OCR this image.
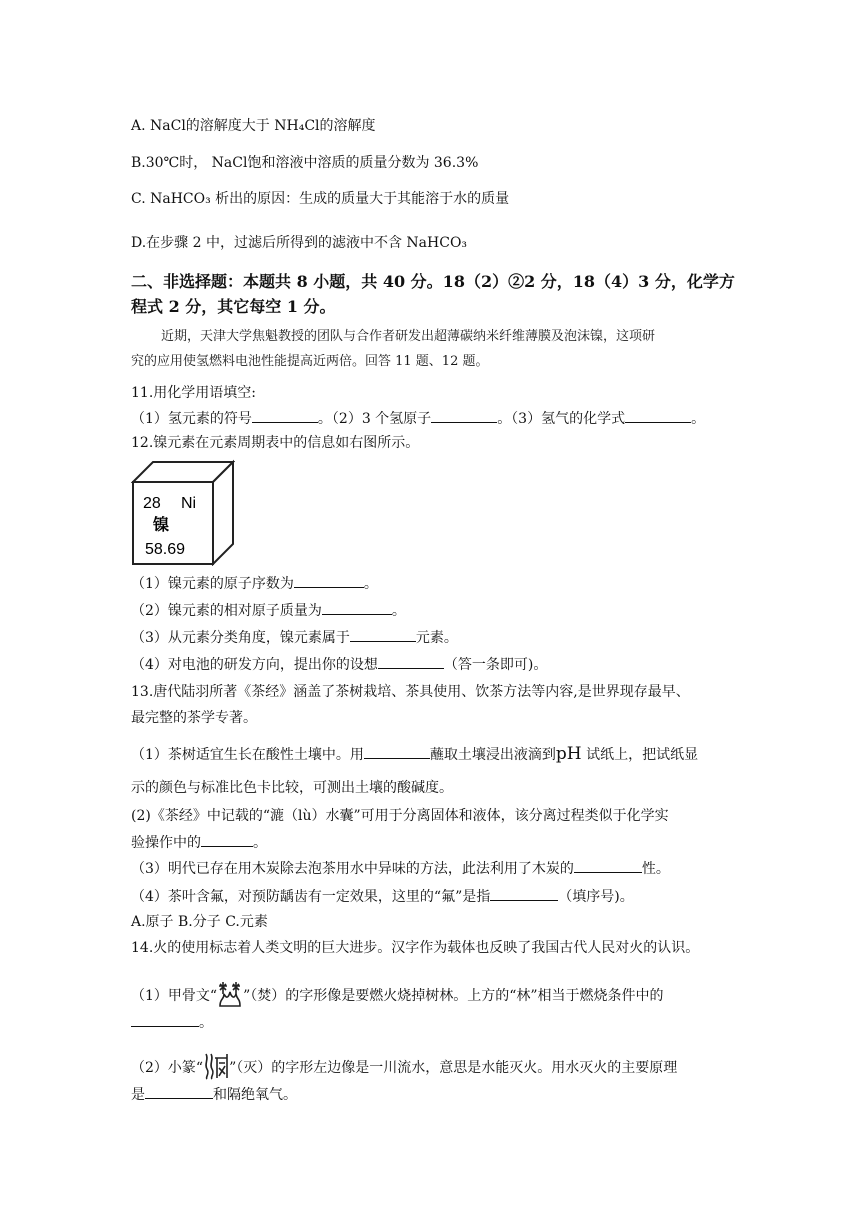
A. NaCl的溶解度大于 NH₄Cl的溶解度
B.30℃时， NaCl饱和溶液中溶质的质量分数为 36.3%
C. NaHCO₃ 析出的原因：生成的质量大于其能溶于水的质量
D.在步骤 2 中，过滤后所得到的滤液中不含 NaHCO₃
二、非选择题：本题共 8 小题，共 40 分。18（2）②2 分，18（4）3 分，化学方
程式 2 分，其它每空 1 分。
近期，天津大学焦魁教授的团队与合作者研发出超薄碳纳米纤维薄膜及泡沫镍，这项研
究的应用使氢燃料电池性能提高近两倍。回答 11 题、12 题。
11.用化学用语填空:
（1）氢元素的符号	。（2）3 个氢原子	。（3）氢气的化学式	。
12.镍元素在元素周期表中的信息如右图所示。
28 Ni
镍
58.69
（1）镍元素的原子序数为	。
（2）镍元素的相对原子质量为	。
（3）从元素分类角度，镍元素属于	元素。
（4）对电池的研发方向，提出你的设想	（答一条即可)。
13.唐代陆羽所著《茶经》涵盖了茶树栽培、茶具使用、饮茶方法等内容,是世界现存最早、
最完整的茶学专著。
（1）茶树适宜生长在酸性土壤中。用	蘸取土壤浸出液滴到pH 试纸上，把试纸显
示的颜色与标准比色卡比较，可测出土壤的酸碱度。
(2)《茶经》中记载的“漉（lù）水囊”可用于分离固体和液体，该分离过程类似于化学实
验操作中的	。
（3）明代已存在用木炭除去泡茶用水中异味的方法，此法利用了木炭的	性。
（4）茶叶含氟，对预防龋齿有一定效果，这里的“氟”是指	（填序号)。
A.原子 B.分子 C.元素
14.火的使用标志着人类文明的巨大进步。汉字作为载体也反映了我国古代人民对火的认识。
（1）甲骨文“ ”（焚）的字形像是要燃火烧掉树林。上方的“林”相当于燃烧条件中的
。
（2）小篆“ ”（灭）的字形左边像是一川流水，意思是水能灭火。用水灭火的主要原理
是	和隔绝氧气。
